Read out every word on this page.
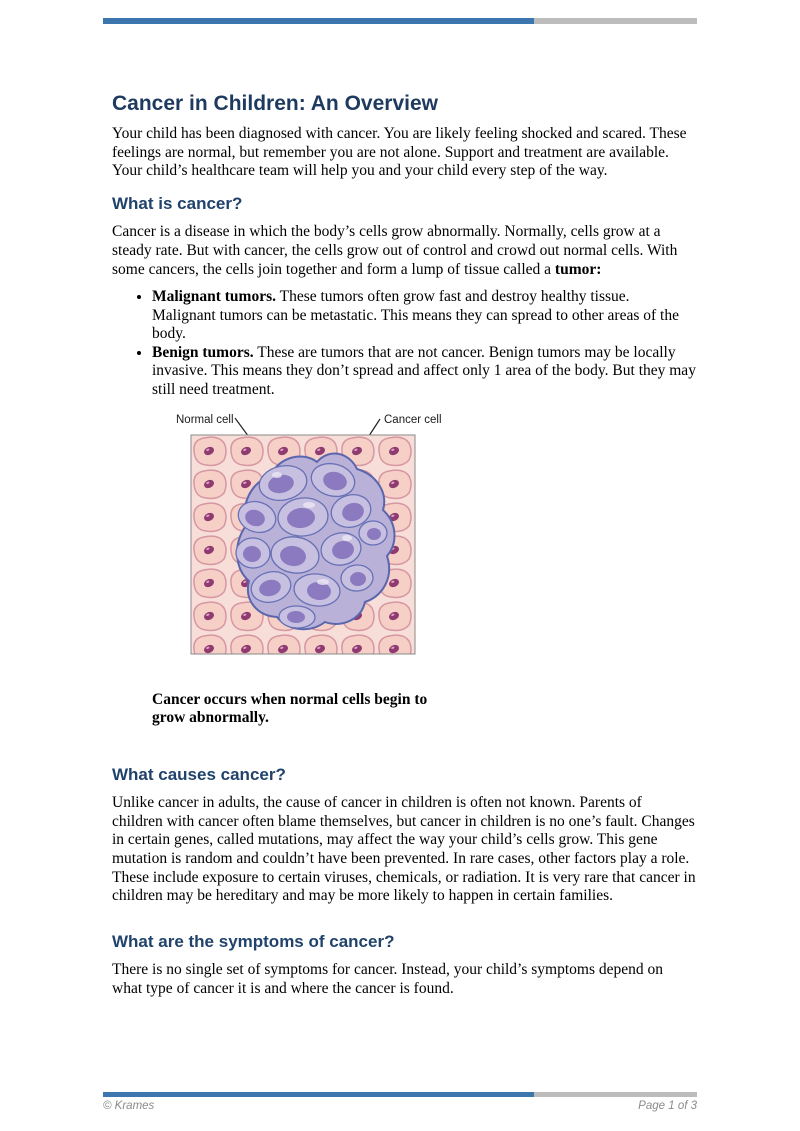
Cancer in Children: An Overview

Your child has been diagnosed with cancer. You are likely feeling shocked and scared. These feelings are normal, but remember you are not alone. Support and treatment are available. Your child’s healthcare team will help you and your child every step of the way.

What is cancer?

Cancer is a disease in which the body’s cells grow abnormally. Normally, cells grow at a steady rate. But with cancer, the cells grow out of control and crowd out normal cells. With some cancers, the cells join together and form a lump of tissue called a tumor:

• Malignant tumors. These tumors often grow fast and destroy healthy tissue. Malignant tumors can be metastatic. This means they can spread to other areas of the body.
• Benign tumors. These are tumors that are not cancer. Benign tumors may be locally invasive. This means they don’t spread and affect only 1 area of the body. But they may still need treatment.
Normal cell	Cancer cell

Cancer occurs when normal cells begin to grow abnormally.

What causes cancer?

Unlike cancer in adults, the cause of cancer in children is often not known. Parents of children with cancer often blame themselves, but cancer in children is no one’s fault. Changes in certain genes, called mutations, may affect the way your child’s cells grow. This gene mutation is random and couldn’t have been prevented. In rare cases, other factors play a role. These include exposure to certain viruses, chemicals, or radiation. It is very rare that cancer in children may be hereditary and may be more likely to happen in certain families.

What are the symptoms of cancer?

There is no single set of symptoms for cancer. Instead, your child’s symptoms depend on what type of cancer it is and where the cancer is found.

© Krames	Page 1 of 3
